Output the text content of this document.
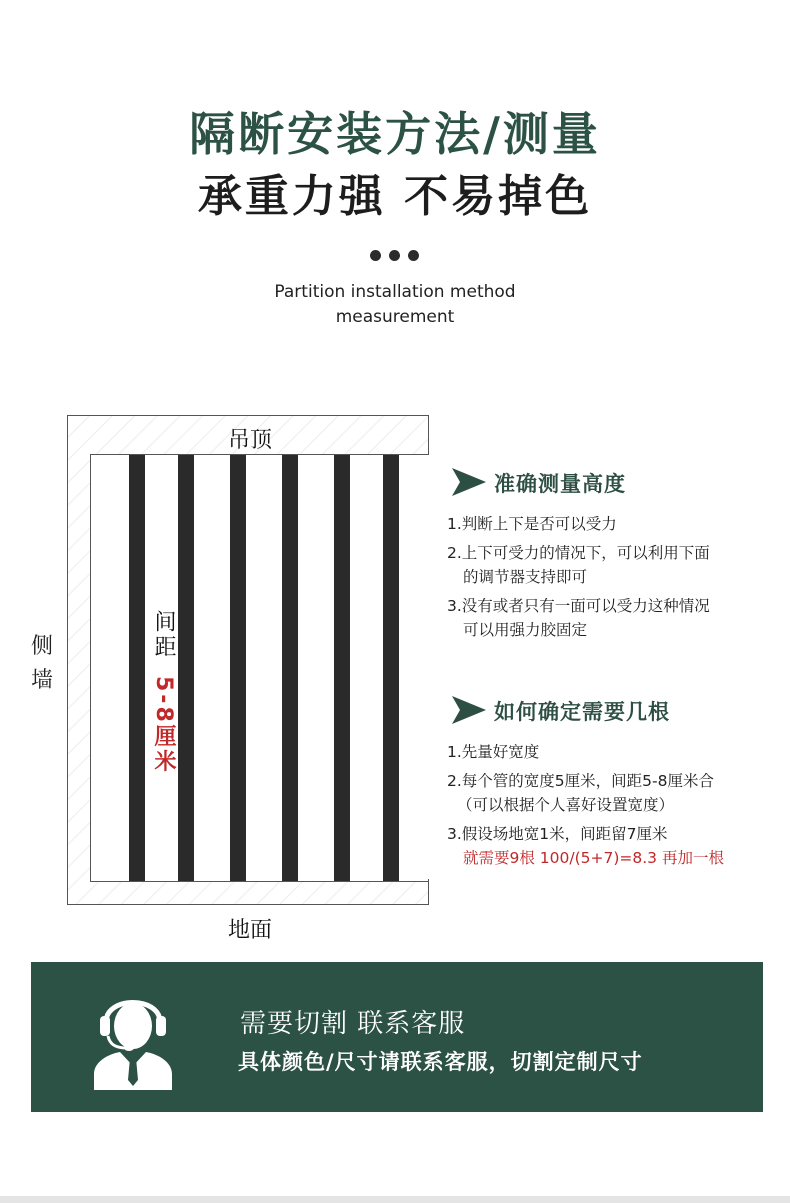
隔断安装方法/测量
承重力强 不易掉色
Partition installation method
measurement
吊顶
地面
侧墙
间距
5-8厘米
准确测量高度
1.判断上下是否可以受力
2.上下可受力的情况下，可以利用下面
的调节器支持即可
3.没有或者只有一面可以受力这种情况
可以用强力胶固定
如何确定需要几根
1.先量好宽度
2.每个管的宽度5厘米，间距5-8厘米合
（可以根据个人喜好设置宽度）
3.假设场地宽1米，间距留7厘米
就需要9根 100/(5+7)=8.3 再加一根
需要切割 联系客服
具体颜色/尺寸请联系客服，切割定制尺寸
